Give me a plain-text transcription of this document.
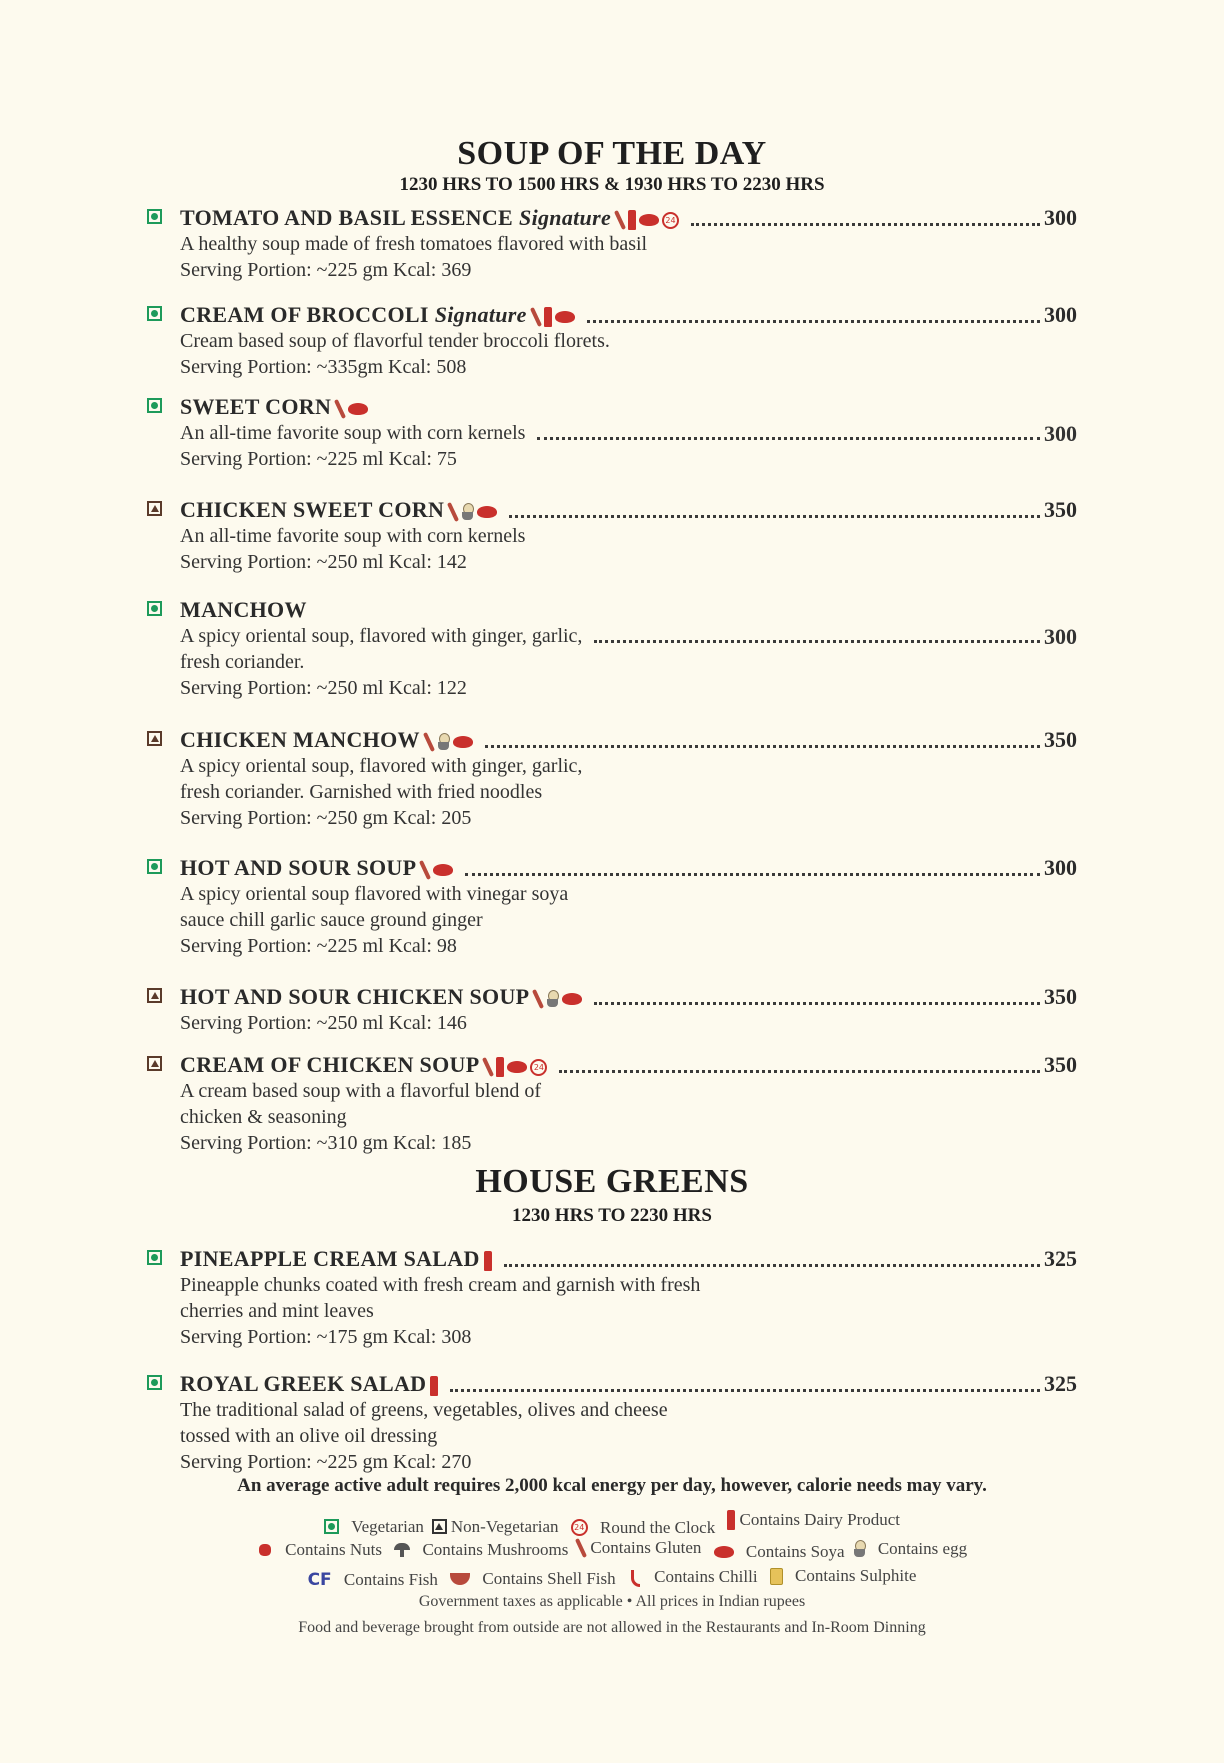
SOUP OF THE DAY
1230 HRS TO 1500 HRS & 1930 HRS TO 2230 HRS
TOMATO AND BASIL ESSENCE Signature	24	300
A healthy soup made of fresh tomatoes flavored with basil
Serving Portion: ~225 gm Kcal: 369
CREAM OF BROCCOLI Signature	300
Cream based soup of flavorful tender broccoli florets.
Serving Portion: ~335gm Kcal: 508
SWEET CORN
An all-time favorite soup with corn kernels	300
Serving Portion: ~225 ml Kcal: 75
CHICKEN SWEET CORN	350
An all-time favorite soup with corn kernels
Serving Portion: ~250 ml Kcal: 142
MANCHOW
A spicy oriental soup, flavored with ginger, garlic,	300
fresh coriander.
Serving Portion: ~250 ml Kcal: 122
CHICKEN MANCHOW	350
A spicy oriental soup, flavored with ginger, garlic,
fresh coriander. Garnished with fried noodles
Serving Portion: ~250 gm Kcal: 205
HOT AND SOUR SOUP	300
A spicy oriental soup flavored with vinegar soya
sauce chill garlic sauce ground ginger
Serving Portion: ~225 ml Kcal: 98
HOT AND SOUR CHICKEN SOUP	350
Serving Portion: ~250 ml Kcal: 146
CREAM OF CHICKEN SOUP	24	350
A cream based soup with a flavorful blend of
chicken & seasoning
Serving Portion: ~310 gm Kcal: 185
HOUSE GREENS
1230 HRS TO 2230 HRS
PINEAPPLE CREAM SALAD	325
Pineapple chunks coated with fresh cream and garnish with fresh
cherries and mint leaves
Serving Portion: ~175 gm Kcal: 308
ROYAL GREEK SALAD	325
The traditional salad of greens, vegetables, olives and cheese
tossed with an olive oil dressing
Serving Portion: ~225 gm Kcal: 270
An average active adult requires 2,000 kcal energy per day, however, calorie needs may vary.

Vegetarian Non-Vegetarian
	24
Round the Clock
Contains Dairy Product

Contains Nuts

Contains Mushrooms Contains Gluten

	Contains Soya
Contains egg
CF
Contains Fish

	Contains Shell Fish

Contains Chilli

Contains Sulphite
Government taxes as applicable • All prices in Indian rupees
Food and beverage brought from outside are not allowed in the Restaurants and In-Room Dinning
